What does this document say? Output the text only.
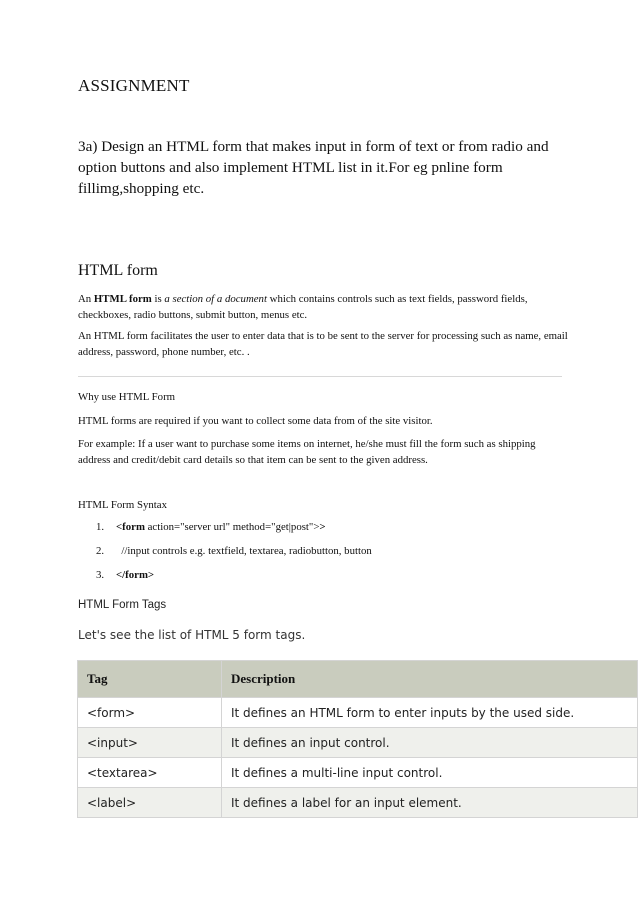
ASSIGNMENT
3a) Design an HTML form that makes input in form of text or from radio and option buttons and also implement HTML list in it.For eg pnline form fillimg,shopping etc.
HTML form
An HTML form is a section of a document which contains controls such as text fields, password fields, checkboxes, radio buttons, submit button, menus etc.
An HTML form facilitates the user to enter data that is to be sent to the server for processing such as name, email address, password, phone number, etc. .
Why use HTML Form
HTML forms are required if you want to collect some data from of the site visitor.
For example: If a user want to purchase some items on internet, he/she must fill the form such as shipping address and credit/debit card details so that item can be sent to the given address.
HTML Form Syntax
1. <form action="server url" method="get|post">>
2.  //input controls e.g. textfield, textarea, radiobutton, button
3. </form>
HTML Form Tags
Let's see the list of HTML 5 form tags.
Tag	Description
<form>	It defines an HTML form to enter inputs by the used side.
<input>	It defines an input control.
<textarea>	It defines a multi-line input control.
<label>	It defines a label for an input element.
